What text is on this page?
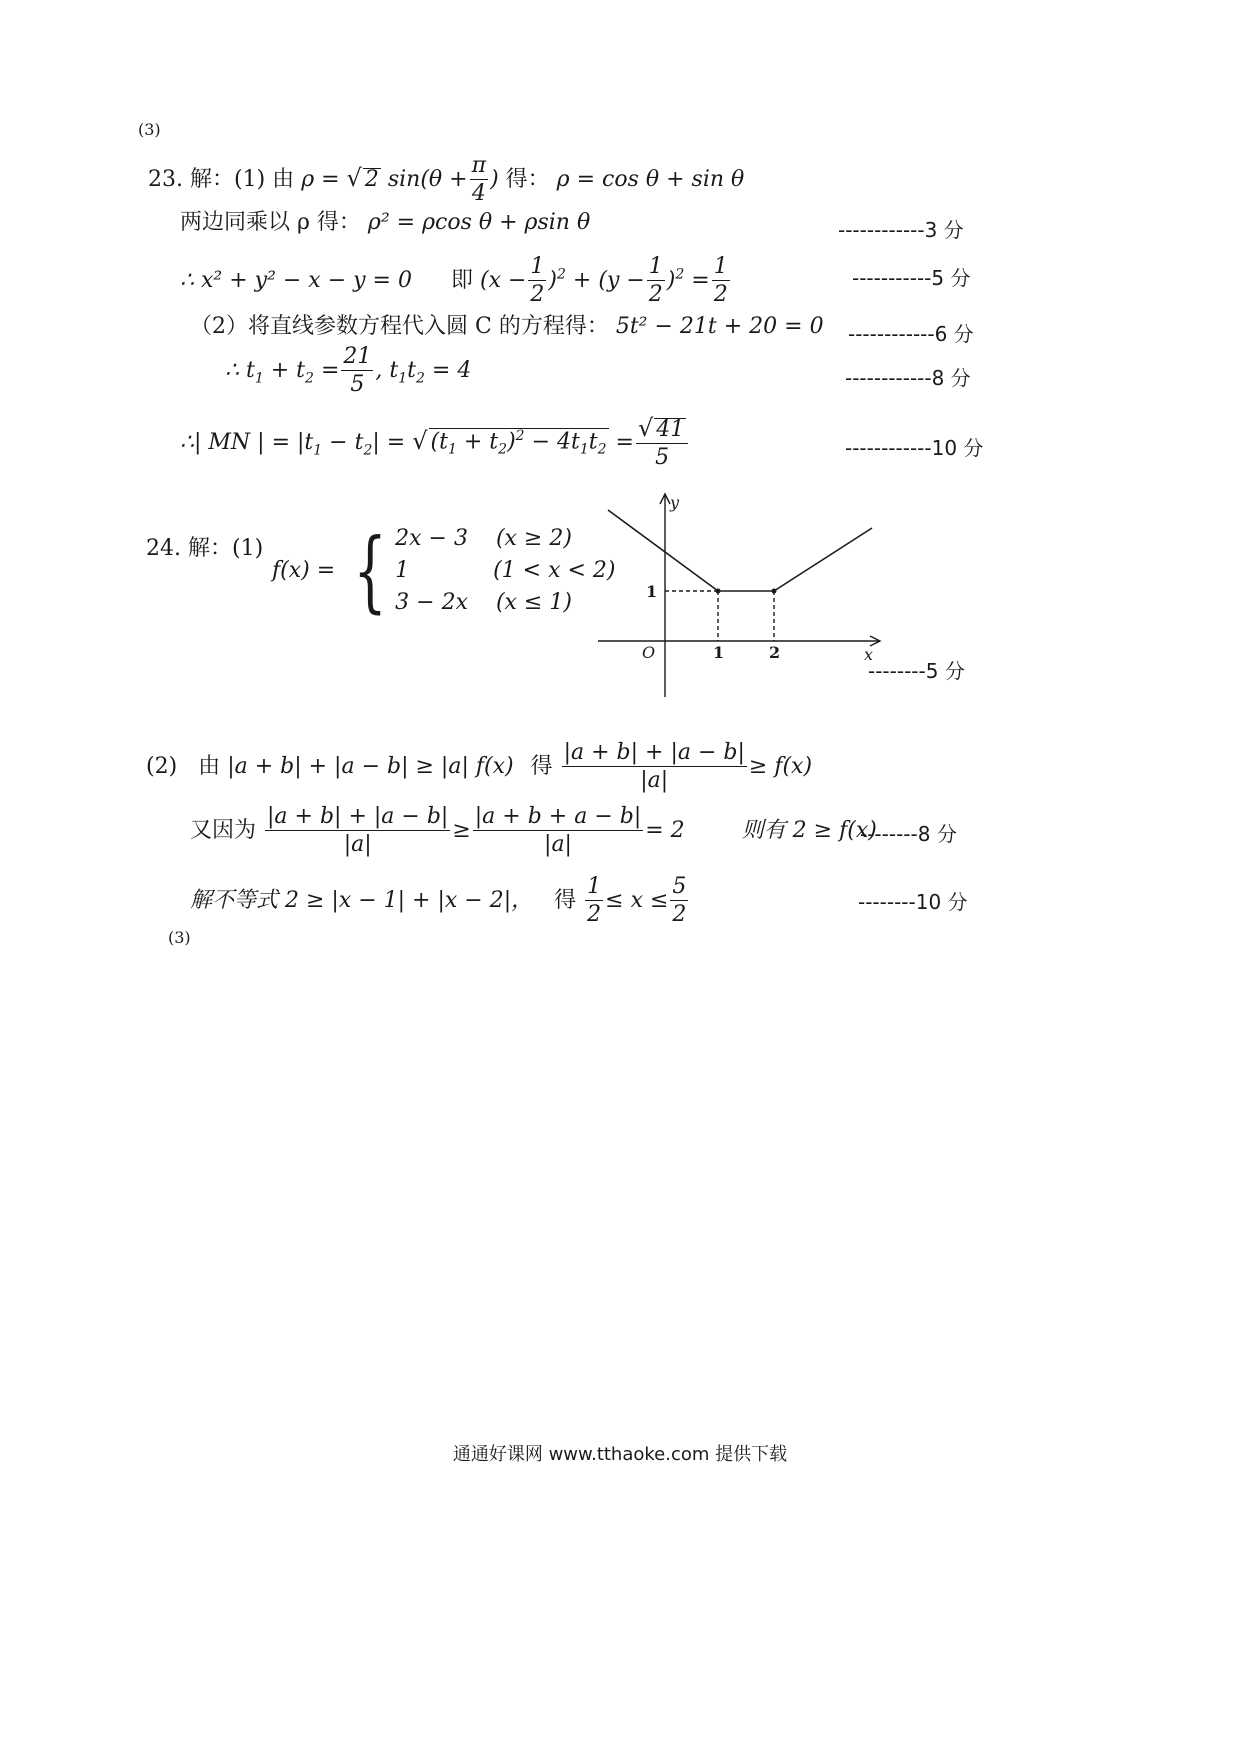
(3)
23. 解：(1) 由 ρ = √ 2 $\sin(\theta + \frac{\pi}{4}$ ) 得： ρ = cos θ + sin θ
两边同乘以 ρ 得： ρ² = ρcos θ + ρsin θ	------------3 分
∴ x² + y² − x − y = 0 即 $(x - \frac{1}{2} )^2 + (y - \frac{1}{2} )^2 = \frac{1}{2}$	-----------5 分
（2）将直线参数方程代入圆 C 的方程得： 5t² − 21t + 20 = 0 ------------6 分
∴ $t_1 + t_2 = \frac{21}{5}$ , $t_1t_2 = 4$	------------8 分
∴| MN | = $|t_1 - t_2|$ = √ $(t_1 + t_2)^2 - 4t_1t_2 = \frac{√ 41}{5}$	------------10 分
24. 解：(1)
f(x) = { 2x − 3    (x ≥ 2)
1            (1 < x < 2)
3 − 2x    (x ≤ 1)
y
x
O	1	2
1
--------5 分
(2) 由 |a + b| + |a − b| ≥ |a| f(x) 得 $\frac{|a + b| + |a - b|}{|a|} \ge f(x)$
又因为 $\frac{|a + b| + |a - b|}{|a|} \ge \frac{|a + b + a - b|}{|a|} = 2$	则有 2 ≥ f(x)
--------8 分
解不等式 2 ≥ |x − 1| + |x − 2|， 得 $\frac{1}{2} \le x \le \frac{5}{2}$	--------10 分
(3)
通通好课网 www.tthaoke.com 提供下载
